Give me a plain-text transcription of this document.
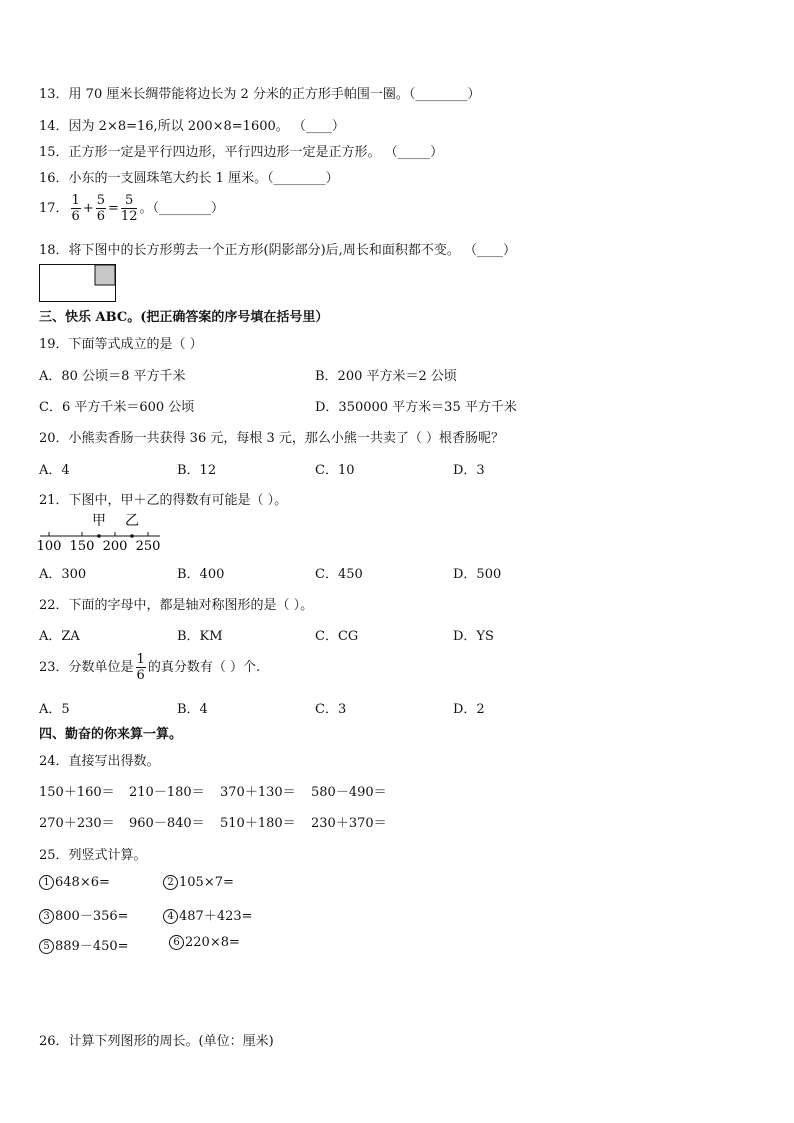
13．用 70 厘米长绸带能将边长为 2 分米的正方形手帕围一圈。（________）
14．因为 2×8=16,所以 200×8=1600。 （____）
15．正方形一定是平行四边形，平行四边形一定是正方形。 （_____）
16．小东的一支圆珠笔大约长 1 厘米。（________）
17． $\frac{1}{6} + \frac{5}{6} = \frac{5}{12}$ 。（________）
18．将下图中的长方形剪去一个正方形(阴影部分)后,周长和面积都不变。 （____）
三、快乐 ABC。(把正确答案的序号填在括号里）
19．下面等式成立的是（ ）
A．80 公顷＝8 平方千米	B．200 平方米＝2 公顷
C．6 平方千米＝600 公顷	D．350000 平方米＝35 平方千米
20．小熊卖香肠一共获得 36 元，每根 3 元，那么小熊一共卖了（ ）根香肠呢？
A．4	B．12	C．10	D．3
21．下图中，甲＋乙的得数有可能是（ ）。
甲 乙
100 150 200 250
A．300	B．400	C．450	D．500
22．下面的字母中，都是轴对称图形的是（ ）。
A．ZA	B．KM	C．CG	D．YS
23．分数单位是 $\frac{1}{6}$ 的真分数有（ ）个.
A．5	B．4	C．3	D．2
四、勤奋的你来算一算。
24．直接写出得数。
150＋160＝ 210－180＝ 370＋130＝ 580－490＝
270＋230＝ 960－840＝ 510＋180＝ 230＋370＝
25．列竖式计算。
1 648×6=	2 105×7=
3 800－356=	4 487＋423=
5 889－450=	6 220×8=
26．计算下列图形的周长。(单位：厘米)
